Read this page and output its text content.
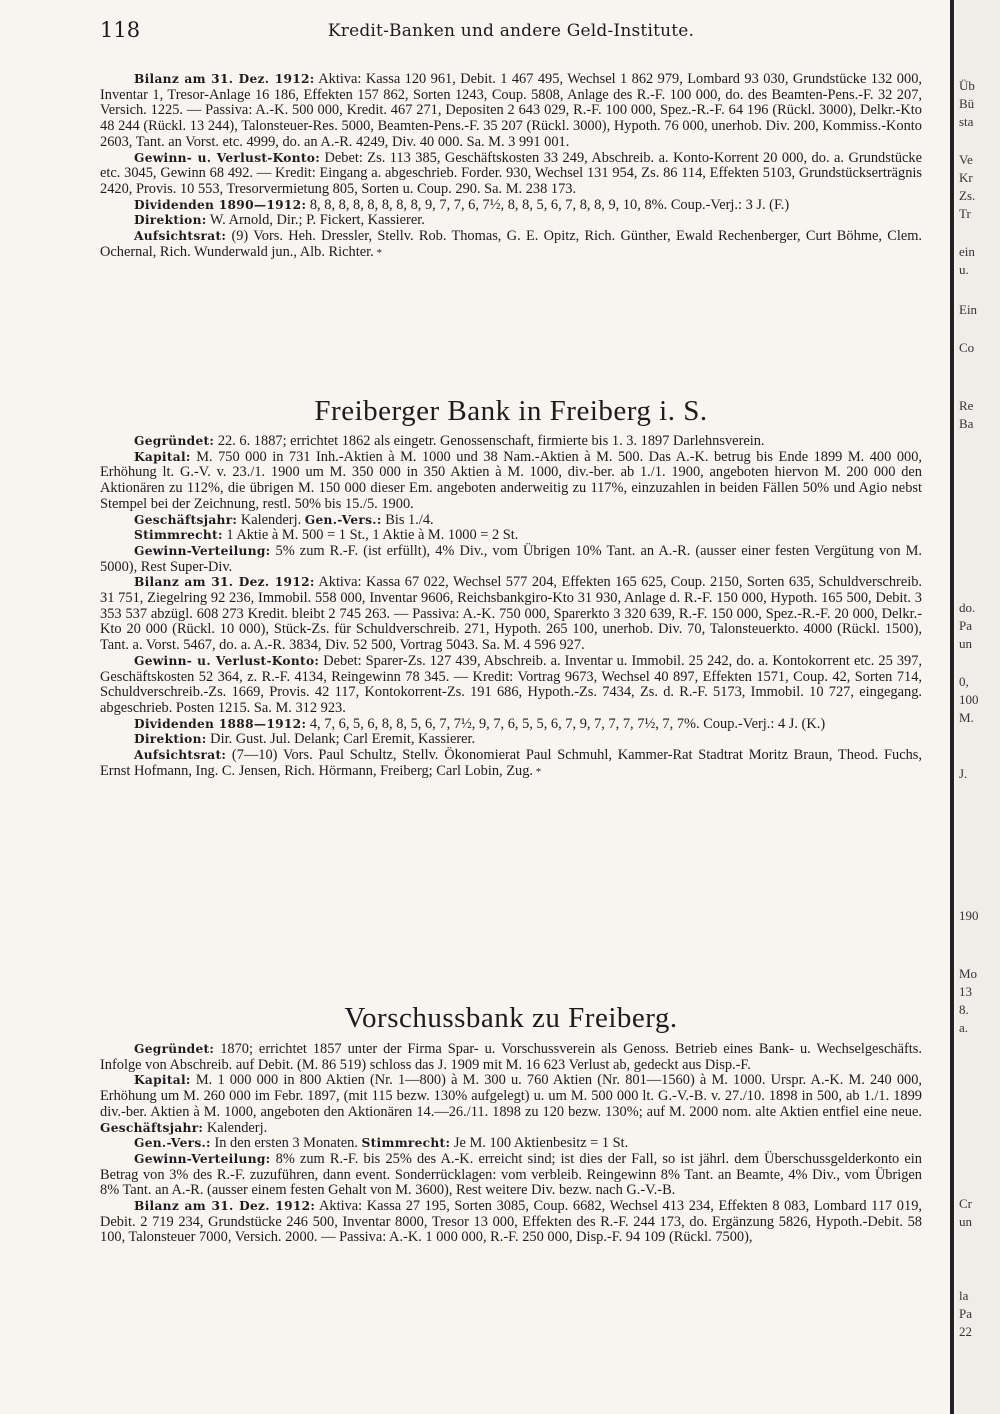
118	Kredit-Banken und andere Geld-Institute.

Bilanz am 31. Dez. 1912: Aktiva: Kassa 120 961, Debit. 1 467 495, Wechsel 1 862 979, Lombard 93 030, Grundstücke 132 000, Inventar 1, Tresor-Anlage 16 186, Effekten 157 862, Sorten 1243, Coup. 5808, Anlage des R.-F. 100 000, do. des Beamten-Pens.-F. 32 207, Versich. 1225. — Passiva: A.-K. 500 000, Kredit. 467 271, Depositen 2 643 029, R.-F. 100 000, Spez.-R.-F. 64 196 (Rückl. 3000), Delkr.-Kto 48 244 (Rückl. 13 244), Talonsteuer-Res. 5000, Beamten-Pens.-F. 35 207 (Rückl. 3000), Hypoth. 76 000, unerhob. Div. 200, Kommiss.-Konto 2603, Tant. an Vorst. etc. 4999, do. an A.-R. 4249, Div. 40 000. Sa. M. 3 991 001.

Gewinn- u. Verlust-Konto: Debet: Zs. 113 385, Geschäftskosten 33 249, Abschreib. a. Konto-Korrent 20 000, do. a. Grundstücke etc. 3045, Gewinn 68 492. — Kredit: Eingang a. abgeschrieb. Forder. 930, Wechsel 131 954, Zs. 86 114, Effekten 5103, Grundstückserträgnis 2420, Provis. 10 553, Tresorvermietung 805, Sorten u. Coup. 290. Sa. M. 238 173.

Dividenden 1890—1912: 8, 8, 8, 8, 8, 8, 8, 8, 9, 7, 7, 6, 7½, 8, 8, 5, 6, 7, 8, 8, 9, 10, 8%. Coup.-Verj.: 3 J. (F.)

Direktion: W. Arnold, Dir.; P. Fickert, Kassierer.

Aufsichtsrat: (9) Vors. Heh. Dressler, Stellv. Rob. Thomas, G. E. Opitz, Rich. Günther, Ewald Rechenberger, Curt Böhme, Clem. Ochernal, Rich. Wunderwald jun., Alb. Richter. *

Freiberger Bank in Freiberg i. S.

Gegründet: 22. 6. 1887; errichtet 1862 als eingetr. Genossenschaft, firmierte bis 1. 3. 1897 Darlehnsverein.

Kapital: M. 750 000 in 731 Inh.-Aktien à M. 1000 und 38 Nam.-Aktien à M. 500. Das A.-K. betrug bis Ende 1899 M. 400 000, Erhöhung lt. G.-V. v. 23./1. 1900 um M. 350 000 in 350 Aktien à M. 1000, div.-ber. ab 1./1. 1900, angeboten hiervon M. 200 000 den Aktionären zu 112%, die übrigen M. 150 000 dieser Em. angeboten anderweitig zu 117%, einzuzahlen in beiden Fällen 50% und Agio nebst Stempel bei der Zeichnung, restl. 50% bis 15./5. 1900.

Geschäftsjahr: Kalenderj. Gen.-Vers.: Bis 1./4.

Stimmrecht: 1 Aktie à M. 500 = 1 St., 1 Aktie à M. 1000 = 2 St.

Gewinn-Verteilung: 5% zum R.-F. (ist erfüllt), 4% Div., vom Übrigen 10% Tant. an A.-R. (ausser einer festen Vergütung von M. 5000), Rest Super-Div.

Bilanz am 31. Dez. 1912: Aktiva: Kassa 67 022, Wechsel 577 204, Effekten 165 625, Coup. 2150, Sorten 635, Schuldverschreib. 31 751, Ziegelring 92 236, Immobil. 558 000, Inventar 9606, Reichsbankgiro-Kto 31 930, Anlage d. R.-F. 150 000, Hypoth. 165 500, Debit. 3 353 537 abzügl. 608 273 Kredit. bleibt 2 745 263. — Passiva: A.-K. 750 000, Sparerkto 3 320 639, R.-F. 150 000, Spez.-R.-F. 20 000, Delkr.-Kto 20 000 (Rückl. 10 000), Stück-Zs. für Schuldverschreib. 271, Hypoth. 265 100, unerhob. Div. 70, Talonsteuerkto. 4000 (Rückl. 1500), Tant. a. Vorst. 5467, do. a. A.-R. 3834, Div. 52 500, Vortrag 5043. Sa. M. 4 596 927.

Gewinn- u. Verlust-Konto: Debet: Sparer-Zs. 127 439, Abschreib. a. Inventar u. Immobil. 25 242, do. a. Kontokorrent etc. 25 397, Geschäftskosten 52 364, z. R.-F. 4134, Reingewinn 78 345. — Kredit: Vortrag 9673, Wechsel 40 897, Effekten 1571, Coup. 42, Sorten 714, Schuldverschreib.-Zs. 1669, Provis. 42 117, Kontokorrent-Zs. 191 686, Hypoth.-Zs. 7434, Zs. d. R.-F. 5173, Immobil. 10 727, eingegang. abgeschrieb. Posten 1215. Sa. M. 312 923.

Dividenden 1888—1912: 4, 7, 6, 5, 6, 8, 8, 5, 6, 7, 7½, 9, 7, 6, 5, 5, 6, 7, 9, 7, 7, 7, 7½, 7, 7%. Coup.-Verj.: 4 J. (K.)

Direktion: Dir. Gust. Jul. Delank; Carl Eremit, Kassierer.

Aufsichtsrat: (7—10) Vors. Paul Schultz, Stellv. Ökonomierat Paul Schmuhl, Kammer-Rat Stadtrat Moritz Braun, Theod. Fuchs, Ernst Hofmann, Ing. C. Jensen, Rich. Hörmann, Freiberg; Carl Lobin, Zug. *

Vorschussbank zu Freiberg.

Gegründet: 1870; errichtet 1857 unter der Firma Spar- u. Vorschussverein als Genoss. Betrieb eines Bank- u. Wechselgeschäfts. Infolge von Abschreib. auf Debit. (M. 86 519) schloss das J. 1909 mit M. 16 623 Verlust ab, gedeckt aus Disp.-F.

Kapital: M. 1 000 000 in 800 Aktien (Nr. 1—800) à M. 300 u. 760 Aktien (Nr. 801—1560) à M. 1000. Urspr. A.-K. M. 240 000, Erhöhung um M. 260 000 im Febr. 1897, (mit 115 bezw. 130% aufgelegt) u. um M. 500 000 lt. G.-V.-B. v. 27./10. 1898 in 500, ab 1./1. 1899 div.-ber. Aktien à M. 1000, angeboten den Aktionären 14.—26./11. 1898 zu 120 bezw. 130%; auf M. 2000 nom. alte Aktien entfiel eine neue. Geschäftsjahr: Kalenderj.

Gen.-Vers.: In den ersten 3 Monaten. Stimmrecht: Je M. 100 Aktienbesitz = 1 St.

Gewinn-Verteilung: 8% zum R.-F. bis 25% des A.-K. erreicht sind; ist dies der Fall, so ist jährl. dem Überschussgelderkonto ein Betrag von 3% des R.-F. zuzuführen, dann event. Sonderrücklagen: vom verbleib. Reingewinn 8% Tant. an Beamte, 4% Div., vom Übrigen 8% Tant. an A.-R. (ausser einem festen Gehalt von M. 3600), Rest weitere Div. bezw. nach G.-V.-B.

Bilanz am 31. Dez. 1912: Aktiva: Kassa 27 195, Sorten 3085, Coup. 6682, Wechsel 413 234, Effekten 8 083, Lombard 117 019, Debit. 2 719 234, Grundstücke 246 500, Inventar 8000, Tresor 13 000, Effekten des R.-F. 244 173, do. Ergänzung 5826, Hypoth.-Debit. 58 100, Talonsteuer 7000, Versich. 2000. — Passiva: A.-K. 1 000 000, R.-F. 250 000, Disp.-F. 94 109 (Rückl. 7500),

Üb
Bü
sta
Ve
Kr
Zs.
Tr
ein
u.
Ein
Co
Re
Ba
do.
Pa
un
0,
100
M.
J.
190
Mo
13
8.
a.
Cr
un
la
Pa
22
